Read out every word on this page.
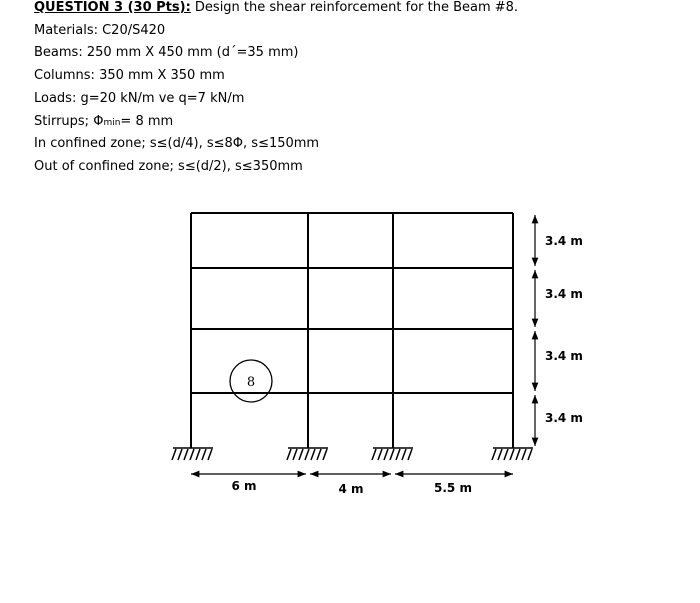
QUESTION 3 (30 Pts): Design the shear reinforcement for the Beam #8.
Materials: C20/S420
Beams: 250 mm X 450 mm (d´=35 mm)
Columns: 350 mm X 350 mm
Loads: g=20 kN/m ve q=7 kN/m
Stirrups; Φmin= 8 mm
In confined zone; s≤(d/4), s≤8Φ, s≤150mm
Out of confined zone; s≤(d/2), s≤350mm
8
3.4 m
3.4 m
3.4 m
3.4 m
6 m	4 m	5.5 m
